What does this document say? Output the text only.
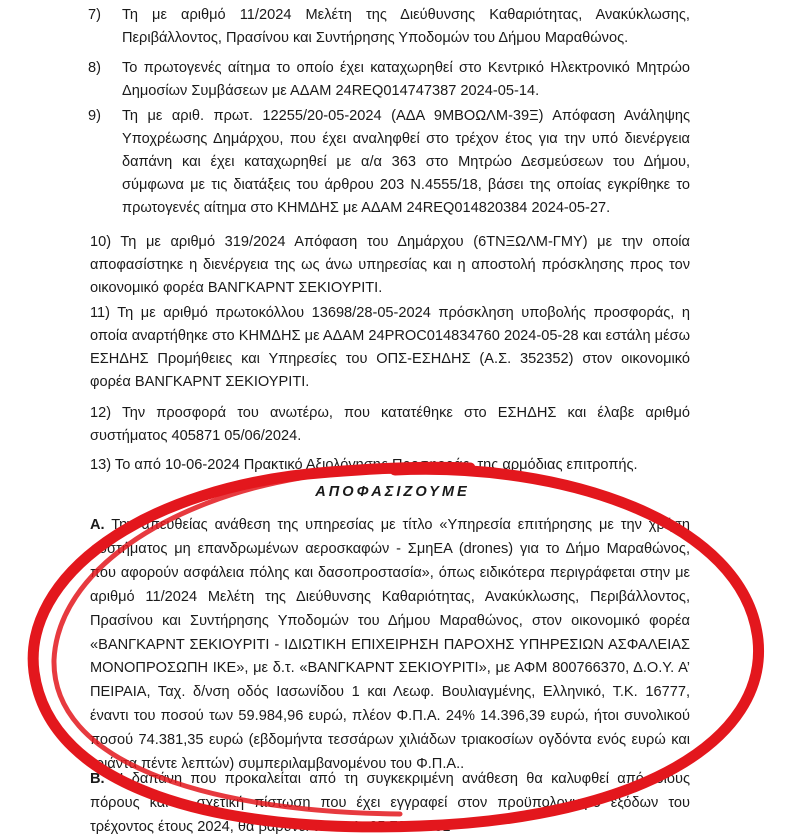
7)	Τη με αριθμό 11/2024 Μελέτη της Διεύθυνσης Καθαριότητας, Ανακύκλωσης, Περιβάλλοντος, Πρασίνου και Συντήρησης Υποδομών του Δήμου Μαραθώνος.
8)	Το πρωτογενές αίτημα το οποίο έχει καταχωρηθεί στο Κεντρικό Ηλεκτρονικό Μητρώο Δημοσίων Συμβάσεων με ΑΔΑΜ 24REQ014747387 2024-05-14.
9)	Τη με αριθ. πρωτ. 12255/20-05-2024 (ΑΔΑ 9ΜΒΟΩΛΜ-39Ξ) Απόφαση Ανάληψης Υποχρέωσης Δημάρχου, που έχει αναληφθεί στο τρέχον έτος για την υπό διενέργεια δαπάνη και έχει καταχωρηθεί με α/α 363 στο Μητρώο Δεσμεύσεων του Δήμου, σύμφωνα με τις διατάξεις του άρθρου 203 Ν.4555/18, βάσει της οποίας εγκρίθηκε το πρωτογενές αίτημα στο ΚΗΜΔΗΣ με ΑΔΑΜ 24REQ014820384 2024-05-27.
10) Τη με αριθμό 319/2024 Απόφαση του Δημάρχου (6ΤΝΞΩΛΜ-ΓΜΥ) με την οποία αποφασίστηκε η διενέργεια της ως άνω υπηρεσίας και η αποστολή πρόσκλησης προς τον οικονομικό φορέα ΒΑΝΓΚΑΡΝΤ ΣΕΚΙΟΥΡΙΤΙ.
11) Τη με αριθμό πρωτοκόλλου 13698/28-05-2024 πρόσκληση υποβολής προσφοράς, η οποία αναρτήθηκε στο ΚΗΜΔΗΣ με ΑΔΑΜ 24PROC014834760 2024-05-28 και εστάλη μέσω ΕΣΗΔΗΣ Προμήθειες και Υπηρεσίες του ΟΠΣ-ΕΣΗΔΗΣ (Α.Σ. 352352) στον οικονομικό φορέα ΒΑΝΓΚΑΡΝΤ ΣΕΚΙΟΥΡΙΤΙ.
12) Την προσφορά του ανωτέρω, που κατατέθηκε στο ΕΣΗΔΗΣ και έλαβε αριθμό συστήματος 405871 05/06/2024.
13) Το από 10-06-2024 Πρακτικό Αξιολόγησης Προσφοράς, της αρμόδιας επιτροπής.
ΑΠΟΦΑΣΙΖΟΥΜΕ
Α. Την απευθείας ανάθεση της υπηρεσίας με τίτλο «Υπηρεσία επιτήρησης με την χρήση συστήματος μη επανδρωμένων αεροσκαφών - ΣμηΕΑ (drones) για το Δήμο Μαραθώνος, που αφορούν ασφάλεια πόλης και δασοπροστασία», όπως ειδικότερα περιγράφεται στην με αριθμό 11/2024 Μελέτη της Διεύθυνσης Καθαριότητας, Ανακύκλωσης, Περιβάλλοντος, Πρασίνου και Συντήρησης Υποδομών του Δήμου Μαραθώνος, στον οικονομικό φορέα «ΒΑΝΓΚΑΡΝΤ ΣΕΚΙΟΥΡΙΤΙ - ΙΔΙΩΤΙΚΗ ΕΠΙΧΕΙΡΗΣΗ ΠΑΡΟΧΗΣ ΥΠΗΡΕΣΙΩΝ ΑΣΦΑΛΕΙΑΣ ΜΟΝΟΠΡΟΣΩΠΗ ΙΚΕ», με δ.τ. «ΒΑΝΓΚΑΡΝΤ ΣΕΚΙΟΥΡΙΤΙ», με ΑΦΜ 800766370, Δ.Ο.Υ. Α’ ΠΕΙΡΑΙΑ, Ταχ. δ/νση οδός Ιασωνίδου 1 και Λεωφ. Βουλιαγμένης, Ελληνικό, Τ.Κ. 16777, έναντι του ποσού των 59.984,96 ευρώ, πλέον Φ.Π.Α. 24% 14.396,39 ευρώ, ήτοι συνολικού ποσού 74.381,35 ευρώ (εβδομήντα τεσσάρων χιλιάδων τριακοσίων ογδόντα ενός ευρώ και τριάντα πέντε λεπτών) συμπεριλαμβανομένου του Φ.Π.Α..
Β. Η δαπάνη που προκαλείται από τη συγκεκριμένη ανάθεση θα καλυφθεί από ιδίους πόρους και η σχετική πίστωση που έχει εγγραφεί στον προϋπολογισμό εξόδων του τρέχοντος έτους 2024, θα βαρύνει τον Κ.Α. 35.7313.001
